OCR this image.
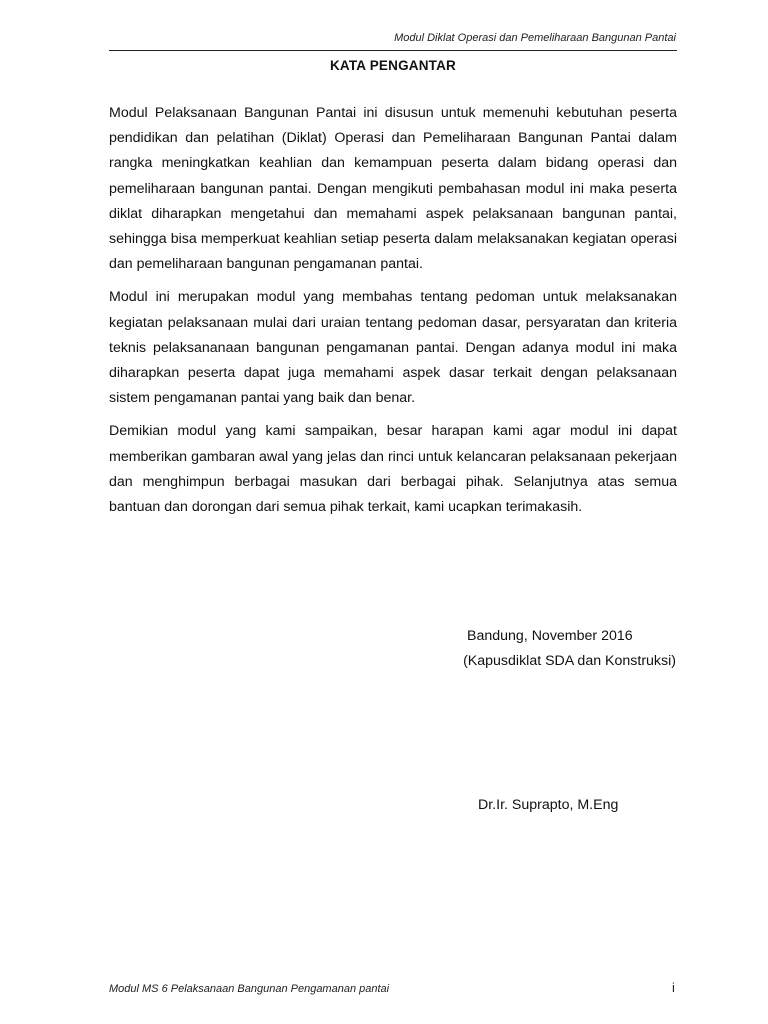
Modul Diklat Operasi dan Pemeliharaan Bangunan Pantai
KATA PENGANTAR

Modul Pelaksanaan Bangunan Pantai ini disusun untuk memenuhi kebutuhan peserta pendidikan dan pelatihan (Diklat) Operasi dan Pemeliharaan Bangunan Pantai dalam rangka meningkatkan keahlian dan kemampuan peserta dalam bidang operasi dan pemeliharaan bangunan pantai. Dengan mengikuti pembahasan modul ini maka peserta diklat diharapkan mengetahui dan memahami aspek pelaksanaan bangunan pantai, sehingga bisa memperkuat keahlian setiap peserta dalam melaksanakan kegiatan operasi dan pemeliharaan bangunan pengamanan pantai.

Modul ini merupakan modul yang membahas tentang pedoman untuk melaksanakan kegiatan pelaksanaan mulai dari uraian tentang pedoman dasar, persyaratan dan kriteria teknis pelaksananaan bangunan pengamanan pantai. Dengan adanya modul ini maka diharapkan peserta dapat juga memahami aspek dasar terkait dengan pelaksanaan sistem pengamanan pantai yang baik dan benar.

Demikian modul yang kami sampaikan, besar harapan kami agar modul ini dapat memberikan gambaran awal yang jelas dan rinci untuk kelancaran pelaksanaan pekerjaan dan menghimpun berbagai masukan dari berbagai pihak. Selanjutnya atas semua bantuan dan dorongan dari semua pihak terkait, kami ucapkan terimakasih.

Bandung, November 2016
(Kapusdiklat SDA dan Konstruksi)
Dr.Ir. Suprapto, M.Eng
Modul MS 6 Pelaksanaan Bangunan Pengamanan pantai	i
